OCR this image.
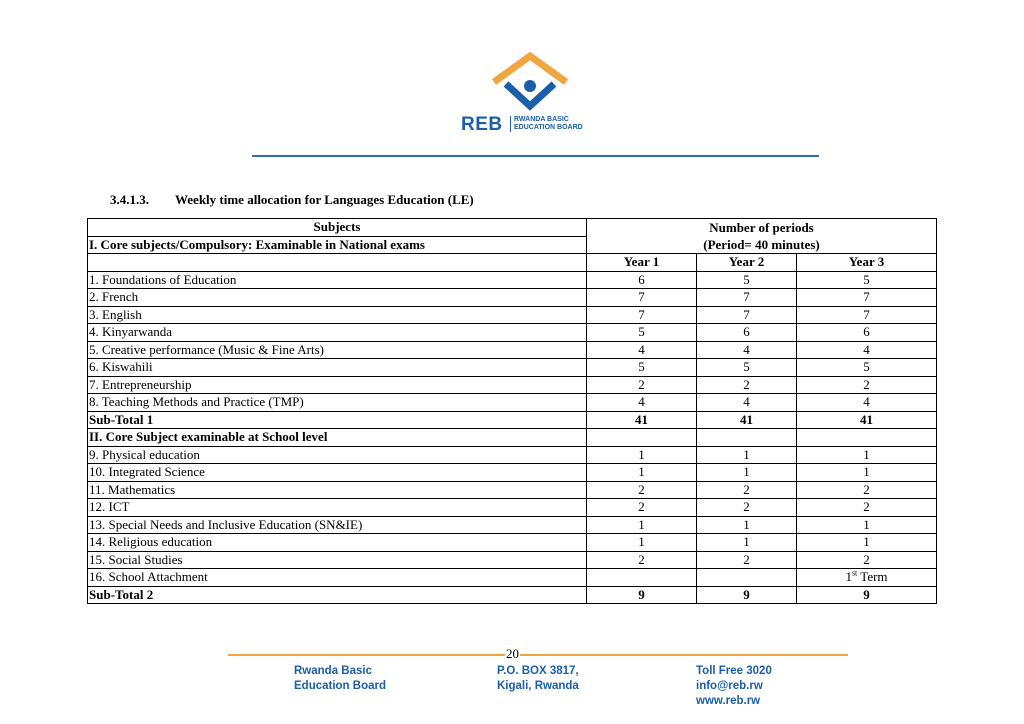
REB RWANDA BASIC
EDUCATION BOARD
3.4.1.3. Weekly time allocation for Languages Education (LE)
Subjects	Number of periods		
I. Core subjects/Compulsory: Examinable in National exams	(Period= 40 minutes)		
	Year 1	Year 2	Year 3
1. Foundations of Education	6	5	5
2. French	7	7	7
3. English	7	7	7
4. Kinyarwanda	5	6	6
5. Creative performance (Music & Fine Arts)	4	4	4
6. Kiswahili	5	5	5
7. Entrepreneurship	2	2	2
8. Teaching Methods and Practice (TMP)	4	4	4
Sub-Total 1	41	41	41
II. Core Subject examinable at School level			
9. Physical education	1	1	1
10. Integrated Science	1	1	1
11. Mathematics	2	2	2
12. ICT	2	2	2
13. Special Needs and Inclusive Education (SN&IE)	1	1	1
14. Religious education	1	1	1
15. Social Studies	2	2	2
16. School Attachment			1st Term
Sub-Total 2	9	9	9
20
Rwanda Basic
Education Board
P.O. BOX 3817,
Kigali, Rwanda
Toll Free 3020
info@reb.rw
www.reb.rw
